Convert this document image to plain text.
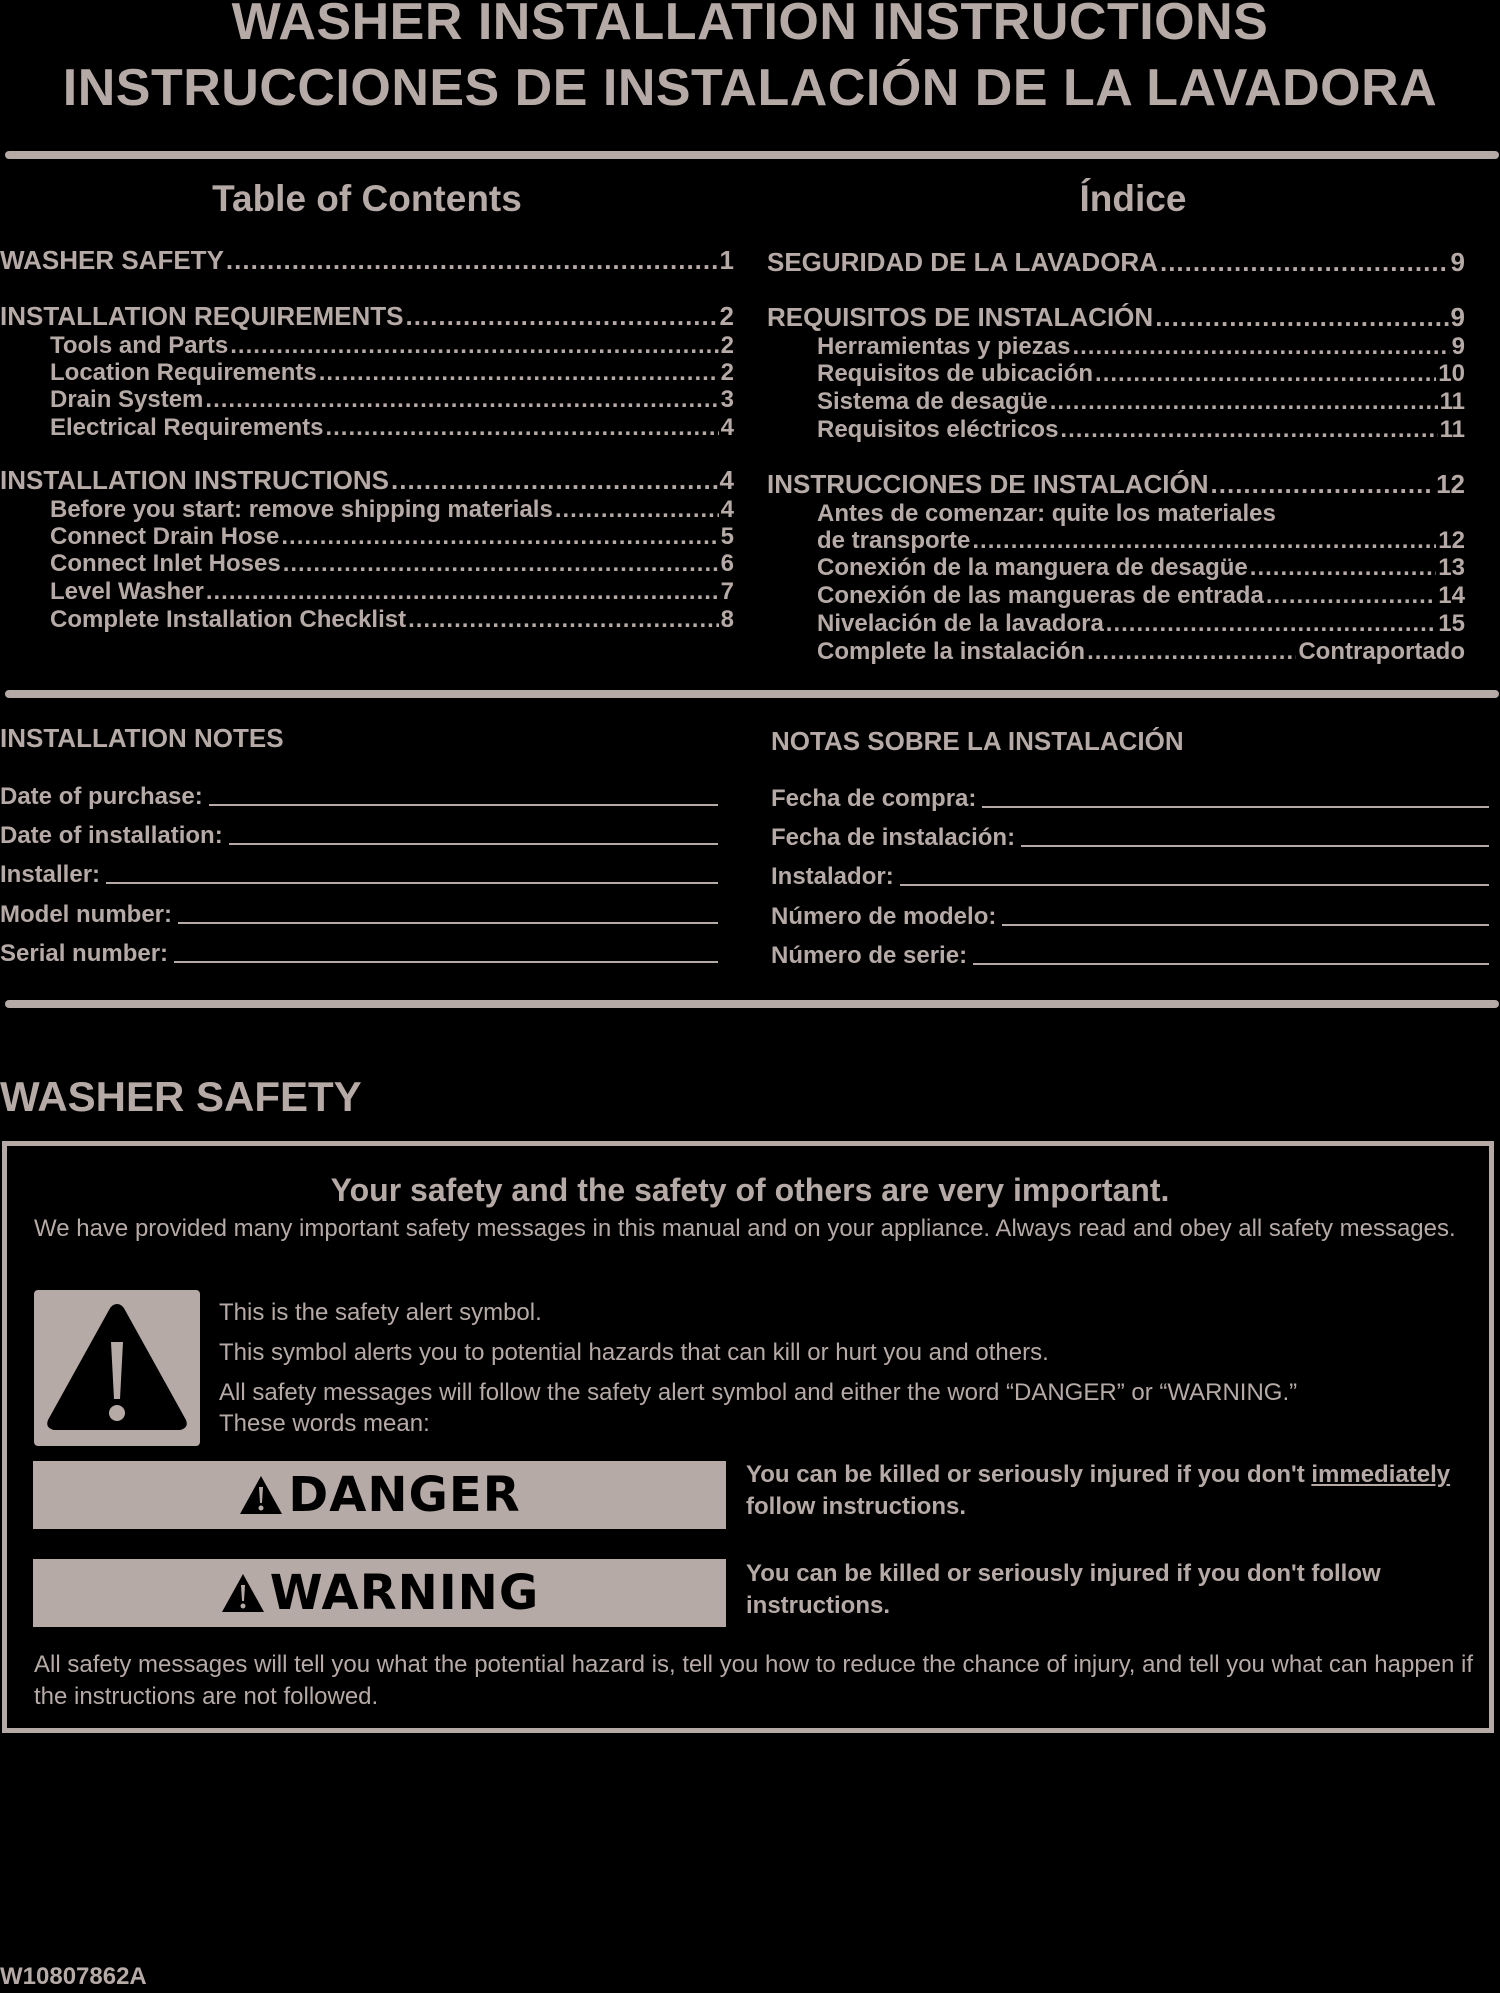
WASHER INSTALLATION INSTRUCTIONS
INSTRUCCIONES DE INSTALACIÓN DE LA LAVADORA
Table of Contents	Índice
WASHER SAFETY .....	1
INSTALLATION REQUIREMENTS .....	2
Tools and Parts .....	2
Location Requirements .....	2
Drain System .....	3
Electrical Requirements .....	4
INSTALLATION INSTRUCTIONS .....	4
Before you start: remove shipping materials .....	4
Connect Drain Hose .....	5
Connect Inlet Hoses .....	6
Level Washer .....	7
Complete Installation Checklist .....	8
SEGURIDAD DE LA LAVADORA .....	9
REQUISITOS DE INSTALACIÓN .....	9
Herramientas y piezas .....	9
Requisitos de ubicación .....	10
Sistema de desagüe .....	11
Requisitos eléctricos .....	11
INSTRUCCIONES DE INSTALACIÓN .....	12
Antes de comenzar: quite los materiales
de transporte .....	12
Conexión de la manguera de desagüe .....	13
Conexión de las mangueras de entrada .....	14
Nivelación de la lavadora .....	15
Complete la instalación .....	Contraportado
INSTALLATION NOTES	NOTAS SOBRE LA INSTALACIÓN
Date of purchase:
Date of installation:
Installer:
Model number:
Serial number:
Fecha de compra:
Fecha de instalación:
Instalador:
Número de modelo:
Número de serie:
WASHER SAFETY
Your safety and the safety of others are very important.
We have provided many important safety messages in this manual and on your appliance. Always read and obey all safety messages.
This is the safety alert symbol.
This symbol alerts you to potential hazards that can kill or hurt you and others.
All safety messages will follow the safety alert symbol and either the word “DANGER” or “WARNING.”
These words mean:
DANGER	You can be killed or seriously injured if you don't immediately
follow instructions.
WARNING	You can be killed or seriously injured if you don't follow instructions.
All safety messages will tell you what the potential hazard is, tell you how to reduce the chance of injury, and tell you what can happen if the instructions are not followed.
W10807862A
